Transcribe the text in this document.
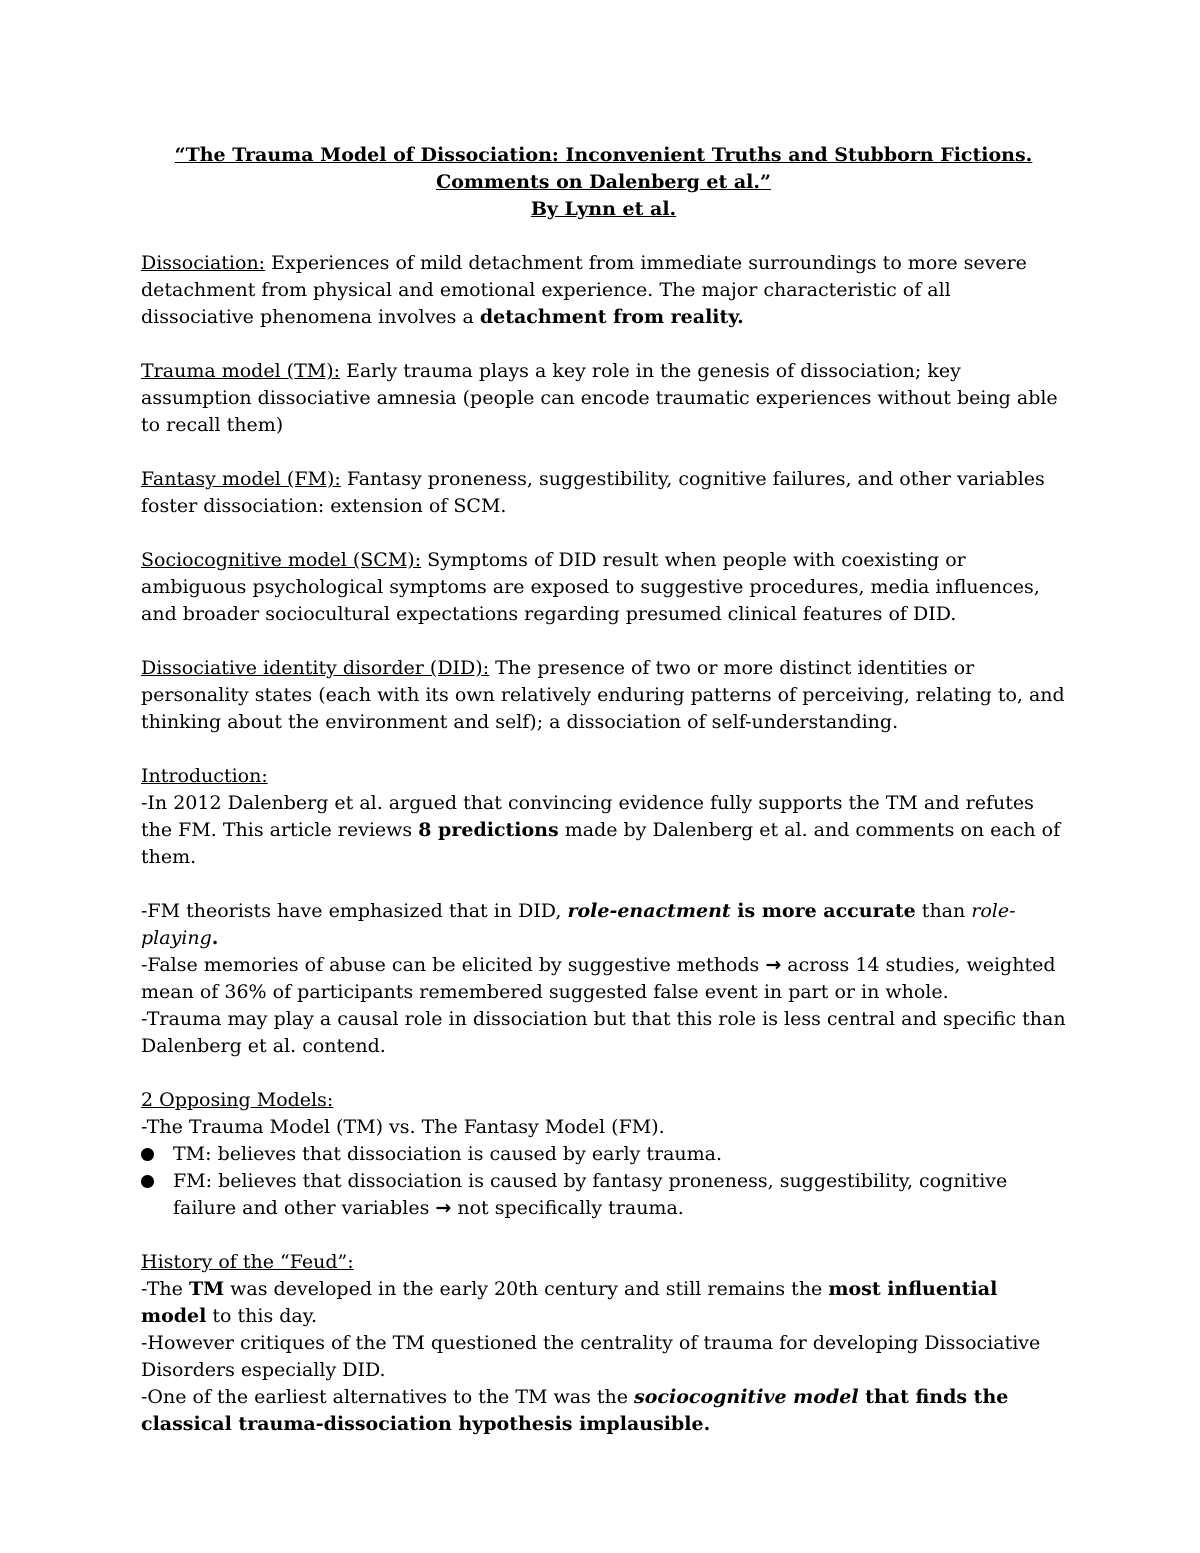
“The Trauma Model of Dissociation: Inconvenient Truths and Stubborn Fictions.
Comments on Dalenberg et al.”
By Lynn et al.
Dissociation: Experiences of mild detachment from immediate surroundings to more severe detachment from physical and emotional experience. The major characteristic of all dissociative phenomena involves a detachment from reality.
Trauma model (TM): Early trauma plays a key role in the genesis of dissociation; key assumption dissociative amnesia (people can encode traumatic experiences without being able to recall them)
Fantasy model (FM): Fantasy proneness, suggestibility, cognitive failures, and other variables foster dissociation: extension of SCM.
Sociocognitive model (SCM): Symptoms of DID result when people with coexisting or ambiguous psychological symptoms are exposed to suggestive procedures, media influences, and broader sociocultural expectations regarding presumed clinical features of DID.
Dissociative identity disorder (DID): The presence of two or more distinct identities or personality states (each with its own relatively enduring patterns of perceiving, relating to, and thinking about the environment and self); a dissociation of self-understanding.
Introduction:
-In 2012 Dalenberg et al. argued that convincing evidence fully supports the TM and refutes the FM. This article reviews 8 predictions made by Dalenberg et al. and comments on each of them.
-FM theorists have emphasized that in DID, role-enactment is more accurate than role-playing.
-False memories of abuse can be elicited by suggestive methods → across 14 studies, weighted mean of 36% of participants remembered suggested false event in part or in whole.
-Trauma may play a causal role in dissociation but that this role is less central and specific than Dalenberg et al. contend.
2 Opposing Models:
-The Trauma Model (TM) vs. The Fantasy Model (FM).
TM: believes that dissociation is caused by early trauma.
FM: believes that dissociation is caused by fantasy proneness, suggestibility, cognitive failure and other variables → not specifically trauma.
History of the “Feud”:
-The TM was developed in the early 20th century and still remains the most influential model to this day.
-However critiques of the TM questioned the centrality of trauma for developing Dissociative Disorders especially DID.
-One of the earliest alternatives to the TM was the sociocognitive model that finds the classical trauma-dissociation hypothesis implausible.
